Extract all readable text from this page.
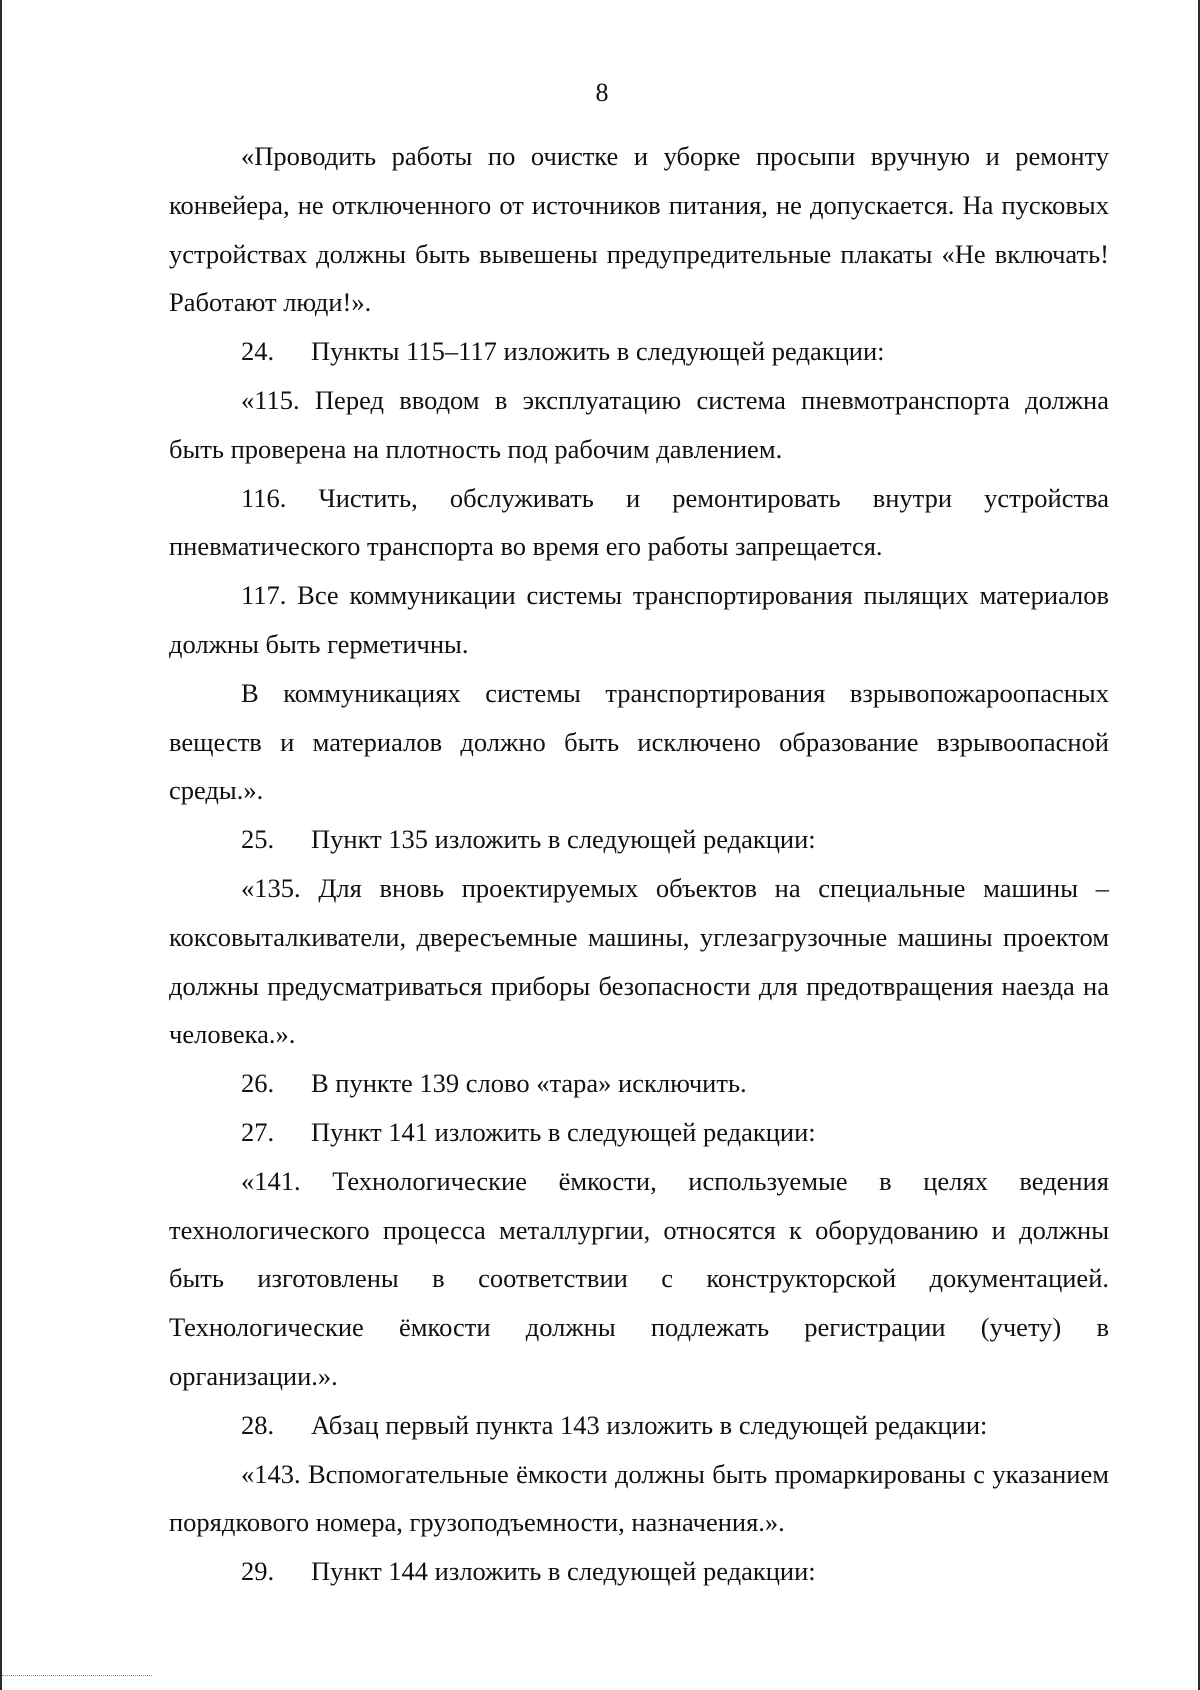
8

«Проводить работы по очистке и уборке просыпи вручную и ремонту конвейера, не отключенного от источников питания, не допускается. На пусковых устройствах должны быть вывешены предупредительные плакаты «Не включать! Работают люди!».

24. Пункты 115–117 изложить в следующей редакции:

«115. Перед вводом в эксплуатацию система пневмотранспорта должна быть проверена на плотность под рабочим давлением.

116. Чистить, обслуживать и ремонтировать внутри устройства пневматического транспорта во время его работы запрещается.

117. Все коммуникации системы транспортирования пылящих материалов должны быть герметичны.

В коммуникациях системы транспортирования взрывопожароопасных веществ и материалов должно быть исключено образование взрывоопасной среды.».

25. Пункт 135 изложить в следующей редакции:

«135. Для вновь проектируемых объектов на специальные машины – коксовыталкиватели, двересъемные машины, углезагрузочные машины проектом должны предусматриваться приборы безопасности для предотвращения наезда на человека.».

26. В пункте 139 слово «тара» исключить.

27. Пункт 141 изложить в следующей редакции:

«141. Технологические ёмкости, используемые в целях ведения технологического процесса металлургии, относятся к оборудованию и должны быть изготовлены в соответствии с конструкторской документацией. Технологические ёмкости должны подлежать регистрации (учету) в организации.».

28. Абзац первый пункта 143 изложить в следующей редакции:

«143. Вспомогательные ёмкости должны быть промаркированы с указанием порядкового номера, грузоподъемности, назначения.».

29. Пункт 144 изложить в следующей редакции:
